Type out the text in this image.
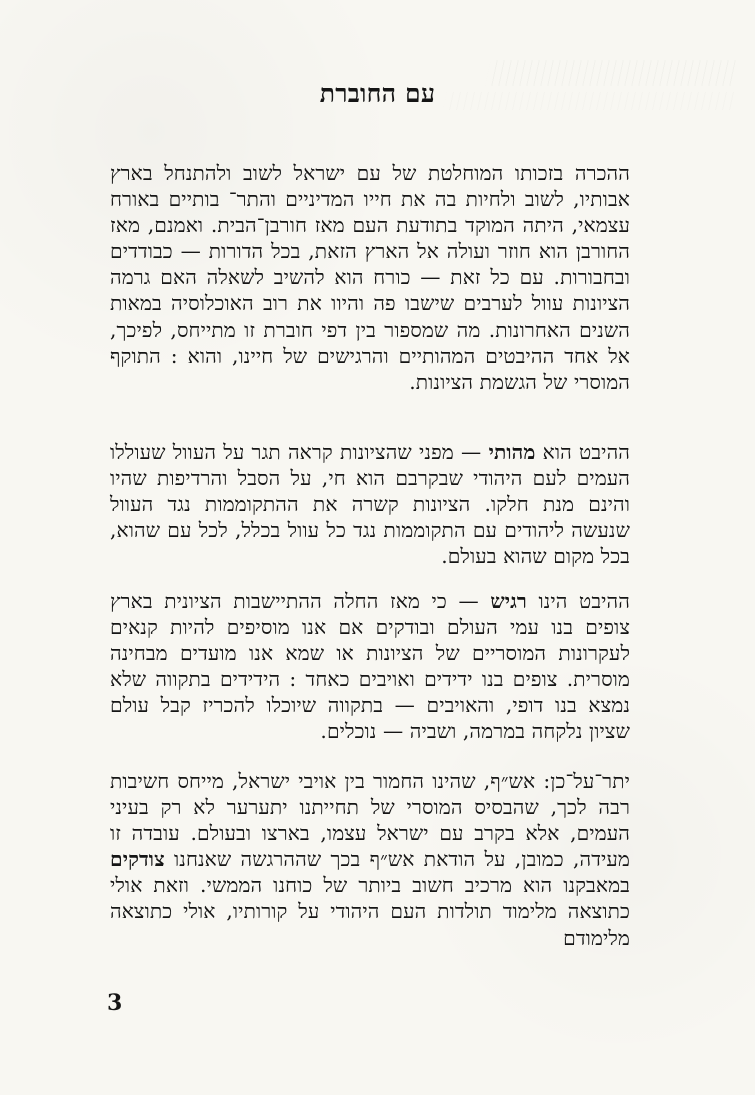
עם החוברת

ההכרה בזכותו המוחלטת של עם ישראל לשוב ולהתנחל בארץ אבותיו, לשוב ולחיות בה את חייו המדיניים והתר־ בותיים באורח עצמאי, היתה המוקד בתודעת העם מאז חורבן־הבית. ואמנם, מאז החורבן הוא חוזר ועולה אל הארץ הזאת, בכל הדורות — כבודדים ובחבורות. עם כל זאת — כורח הוא להשיב לשאלה האם גרמה הציונות עוול לערבים שישבו פה והיוו את רוב האוכלוסיה במאות השנים האחרונות. מה שמספור בין דפי חוברת זו מתייחס, לפיכך, אל אחד ההיבטים המהותיים והרגישים של חיינו, והוא : התוקף המוסרי של הגשמת הציונות.

ההיבט הוא מהותי — מפני שהציונות קראה תגר על העוול שעוללו העמים לעם היהודי שבקרבם הוא חי, על הסבל והרדיפות שהיו והינם מנת חלקו. הציונות קשרה את ההתקוממות נגד העוול שנעשה ליהודים עם התקוממות נגד כל עוול בכלל, לכל עם שהוא, בכל מקום שהוא בעולם.

ההיבט הינו רגיש — כי מאז החלה ההתיישבות הציונית בארץ צופים בנו עמי העולם ובודקים אם אנו מוסיפים להיות קנאים לעקרונות המוסריים של הציונות או שמא אנו מועדים מבחינה מוסרית. צופים בנו ידידים ואויבים כאחד : הידידים בתקווה שלא נמצא בנו דופי, והאויבים — בתקווה שיוכלו להכריז קבל עולם שציון נלקחה במרמה, ושביה — נוכלים.

יתר־על־כן: אש״ף, שהינו החמור בין אויבי ישראל, מייחס חשיבות רבה לכך, שהבסיס המוסרי של תחייתנו יתערער לא רק בעיני העמים, אלא בקרב עם ישראל עצמו, בארצו ובעולם. עובדה זו מעידה, כמובן, על הודאת אש״ף בכך שההרגשה שאנחנו צודקים במאבקנו הוא מרכיב חשוב ביותר של כוחנו הממשי. וזאת אולי כתוצאה מלימוד תולדות העם היהודי על קורותיו, אולי כתוצאה מלימודם

3
